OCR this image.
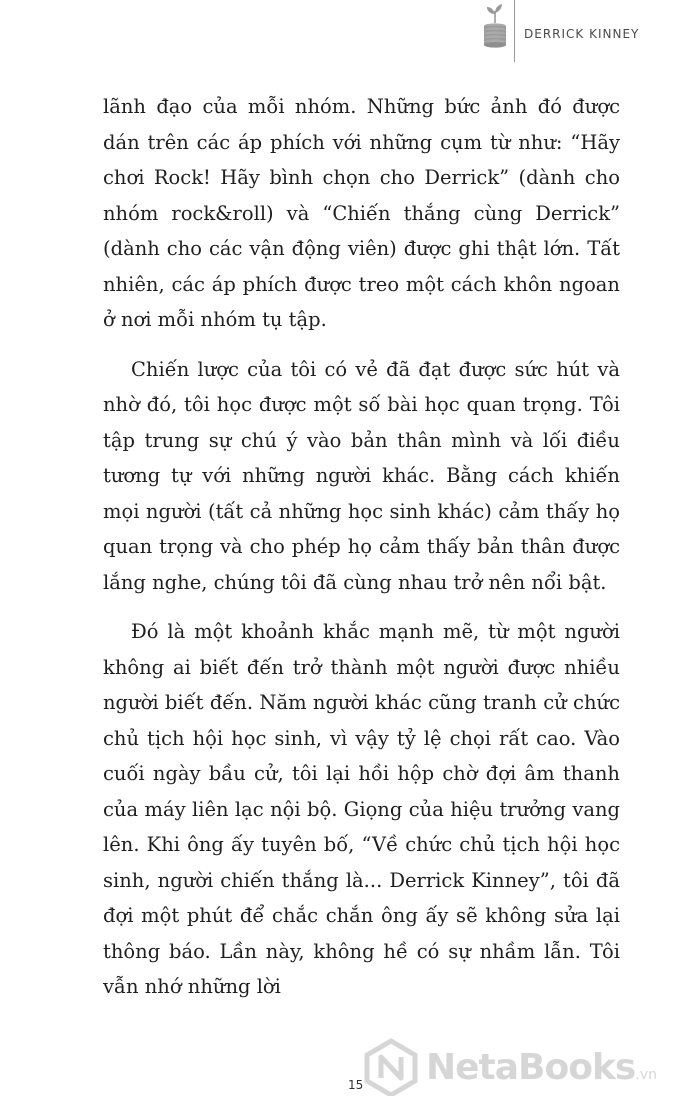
DERRICK KINNEY

lãnh đạo của mỗi nhóm. Những bức ảnh đó được dán trên các áp phích với những cụm từ như: “Hãy chơi Rock! Hãy bình chọn cho Derrick” (dành cho nhóm rock&roll) và “Chiến thắng cùng Derrick” (dành cho các vận động viên) được ghi thật lớn. Tất nhiên, các áp phích được treo một cách khôn ngoan ở nơi mỗi nhóm tụ tập.

Chiến lược của tôi có vẻ đã đạt được sức hút và nhờ đó, tôi học được một số bài học quan trọng. Tôi tập trung sự chú ý vào bản thân mình và lối điều tương tự với những người khác. Bằng cách khiến mọi người (tất cả những học sinh khác) cảm thấy họ quan trọng và cho phép họ cảm thấy bản thân được lắng nghe, chúng tôi đã cùng nhau trở nên nổi bật.

Đó là một khoảnh khắc mạnh mẽ, từ một người không ai biết đến trở thành một người được nhiều người biết đến. Năm người khác cũng tranh cử chức chủ tịch hội học sinh, vì vậy tỷ lệ chọi rất cao. Vào cuối ngày bầu cử, tôi lại hồi hộp chờ đợi âm thanh của máy liên lạc nội bộ. Giọng của hiệu trưởng vang lên. Khi ông ấy tuyên bố, “Về chức chủ tịch hội học sinh, người chiến thắng là... Derrick Kinney”, tôi đã đợi một phút để chắc chắn ông ấy sẽ không sửa lại thông báo. Lần này, không hề có sự nhầm lẫn. Tôi vẫn nhớ những lời

15 NetaBooks.vn
